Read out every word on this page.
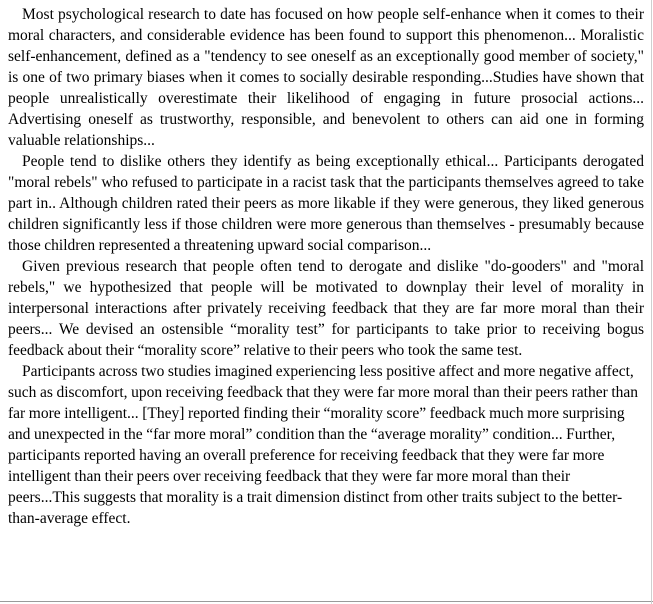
Most psychological research to date has focused on how people self-enhance when it comes to their moral characters, and considerable evidence has been found to support this phenomenon... Moralistic self-enhancement, defined as a "tendency to see oneself as an exceptionally good member of society," is one of two primary biases when it comes to socially desirable responding...Studies have shown that people unrealistically overestimate their likelihood of engaging in future prosocial actions... Advertising oneself as trustworthy, responsible, and benevolent to others can aid one in forming valuable relationships...

People tend to dislike others they identify as being exceptionally ethical... Participants derogated "moral rebels" who refused to participate in a racist task that the participants themselves agreed to take part in.. Although children rated their peers as more likable if they were generous, they liked generous children significantly less if those children were more generous than themselves - presumably because those children represented a threatening upward social comparison...

Given previous research that people often tend to derogate and dislike "do-gooders" and "moral rebels," we hypothesized that people will be motivated to downplay their level of morality in interpersonal interactions after privately receiving feedback that they are far more moral than their peers... We devised an ostensible “morality test” for participants to take prior to receiving bogus feedback about their “morality score” relative to their peers who took the same test.

Participants across two studies imagined experiencing less positive affect and more negative affect, such as discomfort, upon receiving feedback that they were far more moral than their peers rather than far more intelligent... [They] reported finding their “morality score” feedback much more surprising and unexpected in the “far more moral” condition than the “average morality” condition... Further, participants reported having an overall preference for receiving feedback that they were far more intelligent than their peers over receiving feedback that they were far more moral than their peers...This suggests that morality is a trait dimension distinct from other traits subject to the better-than-average effect.
